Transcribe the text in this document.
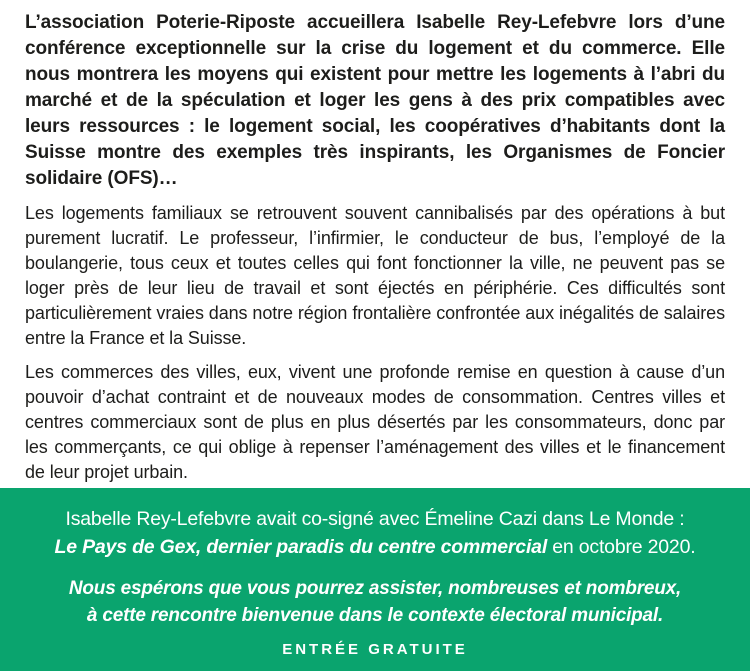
L’association Poterie-Riposte accueillera Isabelle Rey-Lefebvre lors d’une conférence exceptionnelle sur la crise du logement et du commerce. Elle nous montrera les moyens qui existent pour mettre les logements à l’abri du marché et de la spéculation et loger les gens à des prix compatibles avec leurs ressources : le logement social, les coopératives d’habitants dont la Suisse montre des exemples très inspirants, les Organismes de Foncier solidaire (OFS)…

Les logements familiaux se retrouvent souvent cannibalisés par des opérations à but purement lucratif. Le professeur, l’infirmier, le conducteur de bus, l’employé de la boulangerie, tous ceux et toutes celles qui font fonctionner la ville, ne peuvent pas se loger près de leur lieu de travail et sont éjectés en périphérie. Ces difficultés sont particulièrement vraies dans notre région frontalière confrontée aux inégalités de salaires entre la France et la Suisse.

Les commerces des villes, eux, vivent une profonde remise en question à cause d’un pouvoir d’achat contraint et de nouveaux modes de consommation. Centres villes et centres commerciaux sont de plus en plus désertés par les consommateurs, donc par les commerçants, ce qui oblige à repenser l’aménagement des villes et le financement de leur projet urbain.

Isabelle Rey-Lefebvre avait co-signé avec Émeline Cazi dans Le Monde :
Le Pays de Gex, dernier paradis du centre commercial en octobre 2020.
Nous espérons que vous pourrez assister, nombreuses et nombreux,
à cette rencontre bienvenue dans le contexte électoral municipal.
ENTRÉE GRATUITE
